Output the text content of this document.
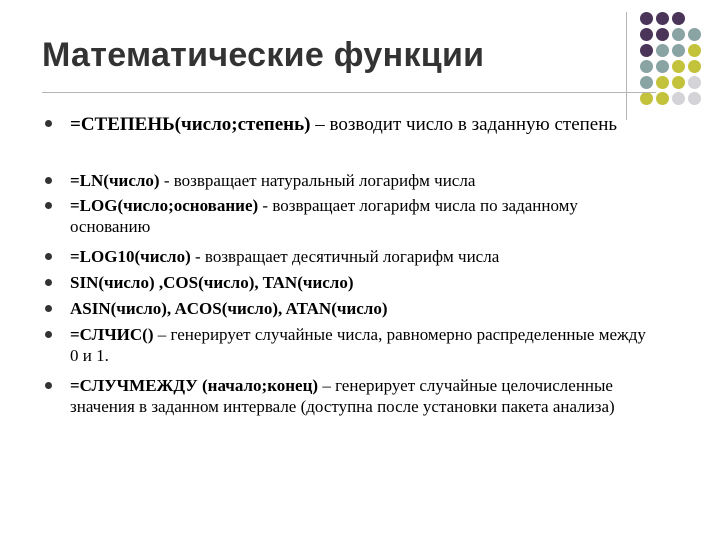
Математические функции
=СТЕПЕНЬ(число;степень) – возводит число в заданную степень
=LN(число) - возвращает натуральный логарифм числа
=LOG(число;основание) - возвращает логарифм числа по заданному основанию
=LOG10(число) - возвращает десятичный логарифм числа
SIN(число) ,COS(число), TAN(число)
ASIN(число), ACOS(число), ATAN(число)
=СЛЧИС() – генерирует случайные числа, равномерно распределенные между 0 и 1.
=СЛУЧМЕЖДУ (начало;конец) – генерирует случайные целочисленные значения в заданном интервале (доступна после установки пакета анализа)
